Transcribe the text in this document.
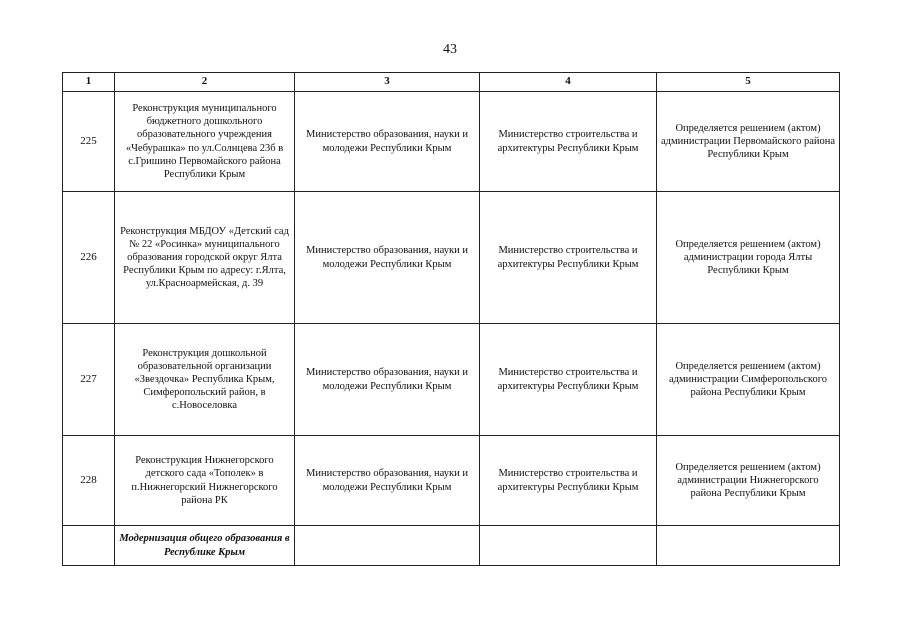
43
1	2	3	4	5
225	Реконструкция муниципального бюджетного дошкольного образовательного учреждения «Чебурашка» по ул.Солнцева 23б в с.Гришино Первомайского района Республики Крым	Министерство образования, науки и молодежи Республики Крым	Министерство строительства и архитектуры Республики Крым	Определяется решением (актом) администрации Первомайского района Республики Крым
226	Реконструкция МБДОУ «Детский сад № 22 «Росинка» муниципального образования городской округ Ялта Республики Крым по адресу: г.Ялта, ул.Красноармейская, д. 39	Министерство образования, науки и молодежи Республики Крым	Министерство строительства и архитектуры Республики Крым	Определяется решением (актом) администрации города Ялты Республики Крым
227	Реконструкция дошкольной образовательной организации «Звездочка» Республика Крым, Симферопольский район, в с.Новоселовка	Министерство образования, науки и молодежи Республики Крым	Министерство строительства и архитектуры Республики Крым	Определяется решением (актом) администрации Симферопольского района Республики Крым
228	Реконструкция Нижнегорского детского сада «Тополек» в п.Нижнегорский Нижнегорского района РК	Министерство образования, науки и молодежи Республики Крым	Министерство строительства и архитектуры Республики Крым	Определяется решением (актом) администрации Нижнегорского района Республики Крым
	Модернизация общего образования в Республике Крым			
